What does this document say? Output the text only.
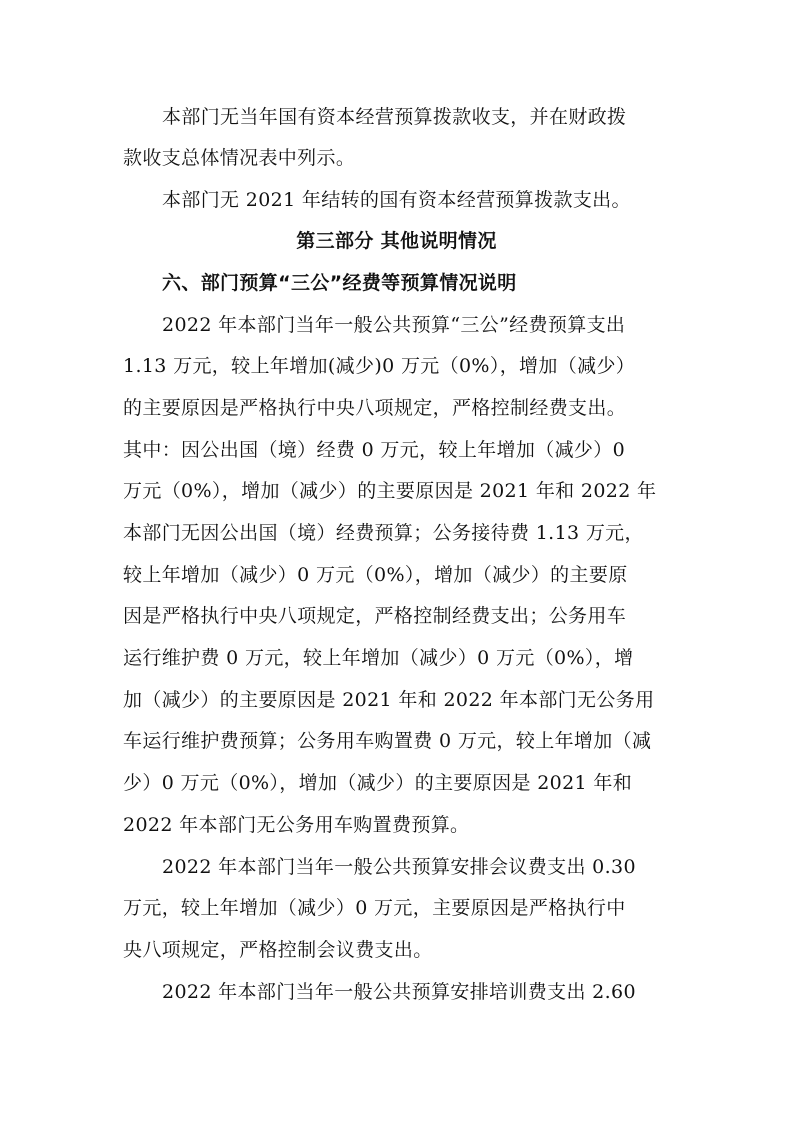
本部门无当年国有资本经营预算拨款收支，并在财政拨
款收支总体情况表中列示。
本部门无 2021 年结转的国有资本经营预算拨款支出。
第三部分 其他说明情况
六、部门预算“三公”经费等预算情况说明
2022 年本部门当年一般公共预算“三公”经费预算支出
1.13 万元，较上年增加(减少)0 万元（0%），增加（减少）
的主要原因是严格执行中央八项规定，严格控制经费支出。
其中：因公出国（境）经费 0 万元，较上年增加（减少）0
万元（0%），增加（减少）的主要原因是 2021 年和 2022 年
本部门无因公出国（境）经费预算；公务接待费 1.13 万元，
较上年增加（减少）0 万元（0%），增加（减少）的主要原
因是严格执行中央八项规定，严格控制经费支出；公务用车
运行维护费 0 万元，较上年增加（减少）0 万元（0%），增
加（减少）的主要原因是 2021 年和 2022 年本部门无公务用
车运行维护费预算；公务用车购置费 0 万元，较上年增加（减
少）0 万元（0%），增加（减少）的主要原因是 2021 年和
2022 年本部门无公务用车购置费预算。
2022 年本部门当年一般公共预算安排会议费支出 0.30
万元，较上年增加（减少）0 万元，主要原因是严格执行中
央八项规定，严格控制会议费支出。
2022 年本部门当年一般公共预算安排培训费支出 2.60
